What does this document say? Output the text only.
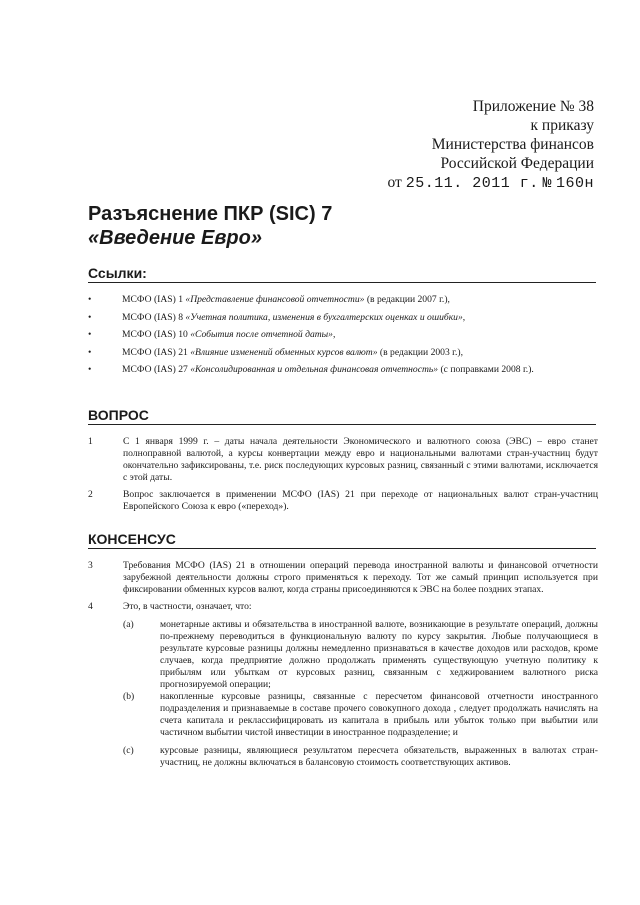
Приложение № 38
к приказу
Министерства финансов
Российской Федерации
от 25.11. 2011 г. № 160н
Разъяснение ПКР (SIC) 7
«Введение Евро»
Ссылки:
•	МСФО (IAS) 1 «Представление финансовой отчетности» (в редакции 2007 г.),
•	МСФО (IAS) 8 «Учетная политика, изменения в бухгалтерских оценках и ошибки»,
•	МСФО (IAS) 10 «События после отчетной даты»,
•	МСФО (IAS) 21 «Влияние изменений обменных курсов валют» (в редакции 2003 г.),
•	МСФО (IAS) 27 «Консолидированная и отдельная финансовая отчетность» (с поправками 2008 г.).
ВОПРОС
1	С 1 января 1999 г. – даты начала деятельности Экономического и валютного союза (ЭВС) – евро станет полноправной валютой, а курсы конвертации между евро и национальными валютами стран-участниц будут окончательно зафиксированы, т.е. риск последующих курсовых разниц, связанный с этими валютами, исключается с этой даты.
2	Вопрос заключается в применении МСФО (IAS) 21 при переходе от национальных валют стран-участниц Европейского Союза к евро («переход»).
КОНСЕНСУС
3	Требования МСФО (IAS) 21 в отношении операций перевода иностранной валюты и финансовой отчетности зарубежной деятельности должны строго применяться к переходу. Тот же самый принцип используется при фиксировании обменных курсов валют, когда страны присоединяются к ЭВС на более поздних этапах.
4	Это, в частности, означает, что:
(a)	монетарные активы и обязательства в иностранной валюте, возникающие в результате операций, должны по-прежнему переводиться в функциональную валюту по курсу закрытия. Любые получающиеся в результате курсовые разницы должны немедленно признаваться в качестве доходов или расходов, кроме случаев, когда предприятие должно продолжать применять существующую учетную политику к прибылям или убыткам от курсовых разниц, связанным с хеджированием валютного риска прогнозируемой операции;
(b)	накопленные курсовые разницы, связанные с пересчетом финансовой отчетности иностранного подразделения и признаваемые в составе прочего совокупного дохода , следует продолжать начислять на счета капитала и реклассифицировать из капитала в прибыль или убыток только при выбытии или частичном выбытии чистой инвестиции в иностранное подразделение; и
(c)	курсовые разницы, являющиеся результатом пересчета обязательств, выраженных в валютах стран-участниц, не должны включаться в балансовую стоимость соответствующих активов.
